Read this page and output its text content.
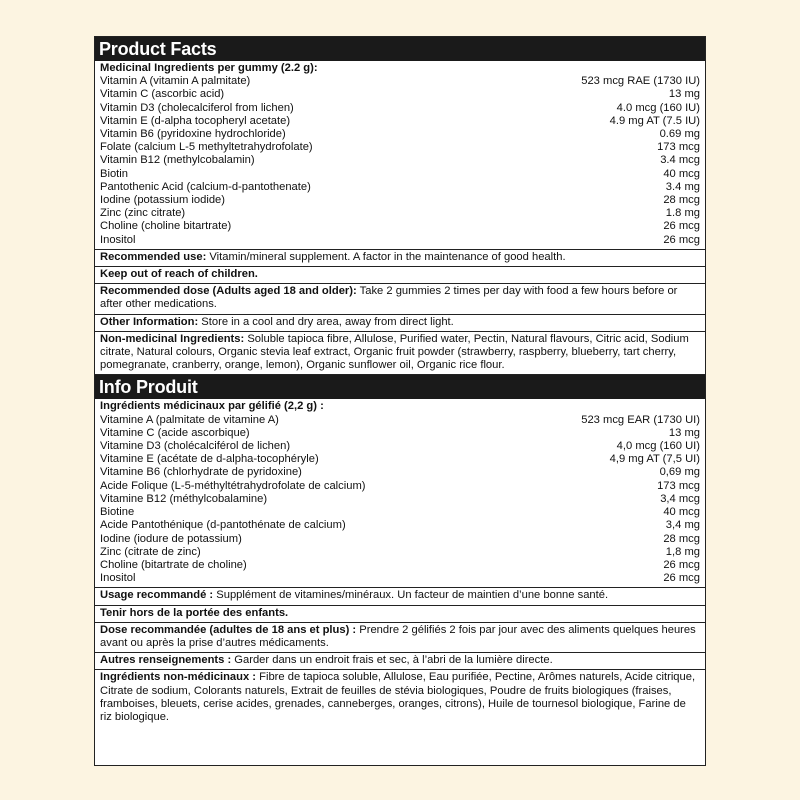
Product Facts
Medicinal Ingredients per gummy (2.2 g):
Vitamin A (vitamin A palmitate)	523 mcg RAE (1730 IU)
Vitamin C (ascorbic acid)	13 mg
Vitamin D3 (cholecalciferol from lichen)	4.0 mcg (160 IU)
Vitamin E (d-alpha tocopheryl acetate)	4.9 mg AT (7.5 IU)
Vitamin B6 (pyridoxine hydrochloride)	0.69 mg
Folate (calcium L-5 methyltetrahydrofolate)	173 mcg
Vitamin B12 (methylcobalamin)	3.4 mcg
Biotin	40 mcg
Pantothenic Acid (calcium-d-pantothenate)	3.4 mg
Iodine (potassium iodide)	28 mcg
Zinc (zinc citrate)	1.8 mg
Choline (choline bitartrate)	26 mcg
Inositol	26 mcg
Recommended use: Vitamin/mineral supplement. A factor in the maintenance of good health.
Keep out of reach of children.
Recommended dose (Adults aged 18 and older): Take 2 gummies 2 times per day with food a few hours before or after other medications.
Other Information: Store in a cool and dry area, away from direct light.
Non-medicinal Ingredients: Soluble tapioca fibre, Allulose, Purified water, Pectin, Natural flavours, Citric acid, Sodium citrate, Natural colours, Organic stevia leaf extract, Organic fruit powder (strawberry, raspberry, blueberry, tart cherry, pomegranate, cranberry, orange, lemon), Organic sunflower oil, Organic rice flour.
Info Produit
Ingrédients médicinaux par gélifié (2,2 g) :
Vitamine A (palmitate de vitamine A)	523 mcg EAR (1730 UI)
Vitamine C (acide ascorbique)	13 mg
Vitamine D3 (cholécalciférol de lichen)	4,0 mcg (160 UI)
Vitamine E (acétate de d-alpha-tocophéryle)	4,9 mg AT (7,5 UI)
Vitamine B6 (chlorhydrate de pyridoxine)	0,69 mg
Acide Folique (L-5-méthyltétrahydrofolate de calcium)	173 mcg
Vitamine B12 (méthylcobalamine)	3,4 mcg
Biotine	40 mcg
Acide Pantothénique (d-pantothénate de calcium)	3,4 mg
Iodine (iodure de potassium)	28 mcg
Zinc (citrate de zinc)	1,8 mg
Choline (bitartrate de choline)	26 mcg
Inositol	26 mcg
Usage recommandé : Supplément de vitamines/minéraux. Un facteur de maintien d’une bonne santé.
Tenir hors de la portée des enfants.
Dose recommandée (adultes de 18 ans et plus) : Prendre 2 gélifiés 2 fois par jour avec des aliments quelques heures avant ou après la prise d’autres médicaments.
Autres renseignements : Garder dans un endroit frais et sec, à l’abri de la lumière directe.
Ingrédients non-médicinaux : Fibre de tapioca soluble, Allulose, Eau purifiée, Pectine, Arômes naturels, Acide citrique, Citrate de sodium, Colorants naturels, Extrait de feuilles de stévia biologiques, Poudre de fruits biologiques (fraises, framboises, bleuets, cerise acides, grenades, canneberges, oranges, citrons), Huile de tournesol biologique, Farine de riz biologique.
